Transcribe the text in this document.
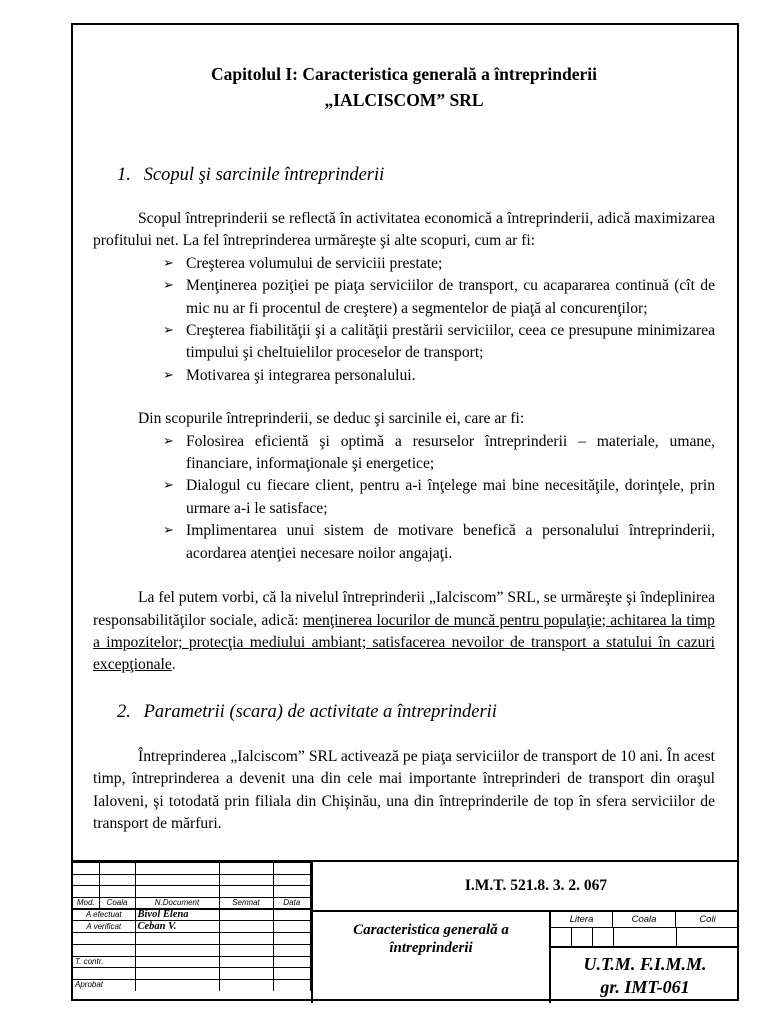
Capitolul I: Caracteristica generală a întreprinderii
„IALCISCOM” SRL
1. Scopul şi sarcinile întreprinderii

Scopul întreprinderii se reflectă în activitatea economică a întreprinderii, adică maximizarea profitului net. La fel întreprinderea urmăreşte şi alte scopuri, cum ar fi:

➢ Creşterea volumului de serviciii prestate;
➢ Menţinerea poziţiei pe piaţa serviciilor de transport, cu acapararea continuă (cît de mic nu ar fi procentul de creştere) a segmentelor de piaţă al concurenţilor;
➢ Creşterea fiabilităţii şi a calităţii prestării serviciilor, ceea ce presupune minimizarea timpului şi cheltuielilor proceselor de transport;
➢ Motivarea şi integrarea personalului.

Din scopurile întreprinderii, se deduc şi sarcinile ei, care ar fi:

➢ Folosirea eficientă şi optimă a resurselor întreprinderii – materiale, umane, financiare, informaţionale şi energetice;
➢ Dialogul cu fiecare client, pentru a-i înţelege mai bine necesităţile, dorinţele, prin urmare a-i le satisface;
➢ Implimentarea unui sistem de motivare benefică a personalului întreprinderii, acordarea atenţiei necesare noilor angajaţi.

La fel putem vorbi, că la nivelul întreprinderii „Ialciscom” SRL, se urmăreşte şi îndeplinirea responsabilităţilor sociale, adică: menţinerea locurilor de muncă pentru populaţie; achitarea la timp a impozitelor; protecţia mediului ambiant; satisfacerea nevoilor de transport a statului în cazuri excepţionale.

2. Parametrii (scara) de activitate a întreprinderii

Întreprinderea „Ialciscom” SRL activează pe piaţa serviciilor de transport de 10 ani. În acest timp, întreprinderea a devenit una din cele mai importante întreprinderi de transport din oraşul Ialoveni, şi totodată prin filiala din Chişinău, una din întreprinderile de top în sfera serviciilor de transport de mărfuri.

Mod.	Coala	N.Document	Semnat	Data
A efectuat		Bivol Elena		
A verificat		Ceban V.		

T. contr.				

Aprobat				
I.M.T. 521.8. 3. 2. 067
Caracteristica generală a întreprinderii
Litera	Coala	Coli
U.T.M. F.I.M.M.
gr. IMT-061
